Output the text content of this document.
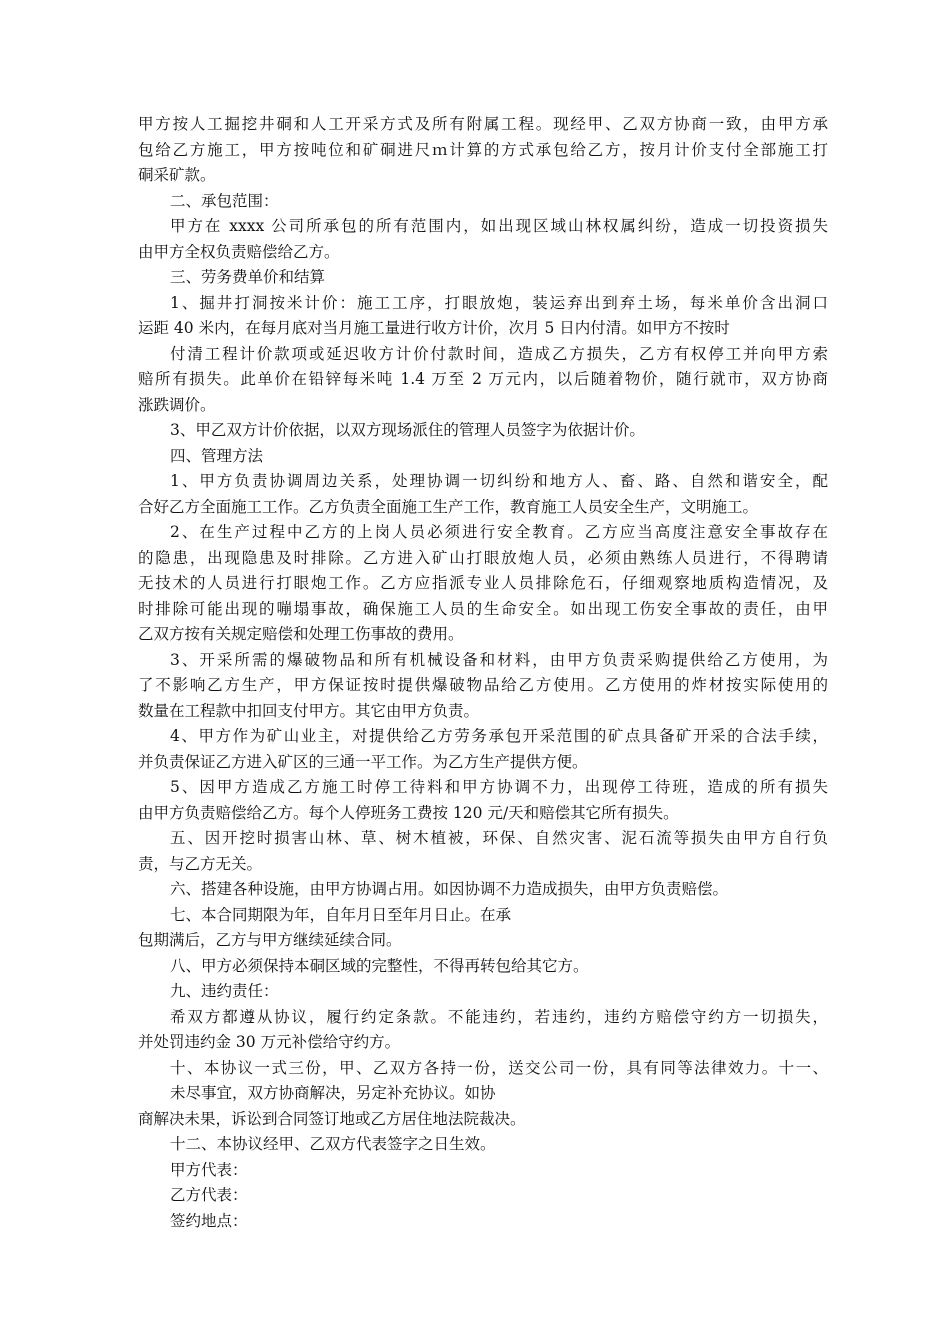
甲方按人工掘挖井硐和人工开采方式及所有附属工程。现经甲、乙双方协商一致，由甲方承
包给乙方施工，甲方按吨位和矿硐进尺ｍ计算的方式承包给乙方，按月计价支付全部施工打
硐采矿款。
二、承包范围：
甲方在 xxxx 公司所承包的所有范围内，如出现区域山林权属纠纷，造成一切投资损失
由甲方全权负责赔偿给乙方。
三、劳务费单价和结算
1、掘井打洞按米计价：施工工序，打眼放炮，装运弃出到弃土场，每米单价含出洞口
运距 40 米内，在每月底对当月施工量进行收方计价，次月 5 日内付清。如甲方不按时
付清工程计价款项或延迟收方计价付款时间，造成乙方损失，乙方有权停工并向甲方索
赔所有损失。此单价在铅锌每米吨 1.4 万至 2 万元内，以后随着物价，随行就市，双方协商
涨跌调价。
3、甲乙双方计价依据，以双方现场派住的管理人员签字为依据计价。
四、管理方法
1、甲方负责协调周边关系，处理协调一切纠纷和地方人、畜、路、自然和谐安全，配
合好乙方全面施工工作。乙方负责全面施工生产工作，教育施工人员安全生产，文明施工。
2、在生产过程中乙方的上岗人员必须进行安全教育。乙方应当高度注意安全事故存在
的隐患，出现隐患及时排除。乙方进入矿山打眼放炮人员，必须由熟练人员进行，不得聘请
无技术的人员进行打眼炮工作。乙方应指派专业人员排除危石，仔细观察地质构造情况，及
时排除可能出现的嘣塌事故，确保施工人员的生命安全。如出现工伤安全事故的责任，由甲
乙双方按有关规定赔偿和处理工伤事故的费用。
3、开采所需的爆破物品和所有机械设备和材料，由甲方负责采购提供给乙方使用，为
了不影响乙方生产，甲方保证按时提供爆破物品给乙方使用。乙方使用的炸材按实际使用的
数量在工程款中扣回支付甲方。其它由甲方负责。
4、甲方作为矿山业主，对提供给乙方劳务承包开采范围的矿点具备矿开采的合法手续，
并负责保证乙方进入矿区的三通一平工作。为乙方生产提供方便。
5、因甲方造成乙方施工时停工待料和甲方协调不力，出现停工待班，造成的所有损失
由甲方负责赔偿给乙方。每个人停班务工费按 120 元/天和赔偿其它所有损失。
五、因开挖时损害山林、草、树木植被，环保、自然灾害、泥石流等损失由甲方自行负
责，与乙方无关。
六、搭建各种设施，由甲方协调占用。如因协调不力造成损失，由甲方负责赔偿。
七、本合同期限为年，自年月日至年月日止。在承
包期满后，乙方与甲方继续延续合同。
八、甲方必须保持本硐区域的完整性，不得再转包给其它方。
九、违约责任：
希双方都遵从协议，履行约定条款。不能违约，若违约，违约方赔偿守约方一切损失，
并处罚违约金 30 万元补偿给守约方。
十、本协议一式三份，甲、乙双方各持一份，送交公司一份，具有同等法律效力。十一、
未尽事宜，双方协商解决，另定补充协议。如协
商解决未果，诉讼到合同签订地或乙方居住地法院裁决。
十二、本协议经甲、乙双方代表签字之日生效。
甲方代表：
乙方代表：
签约地点：
